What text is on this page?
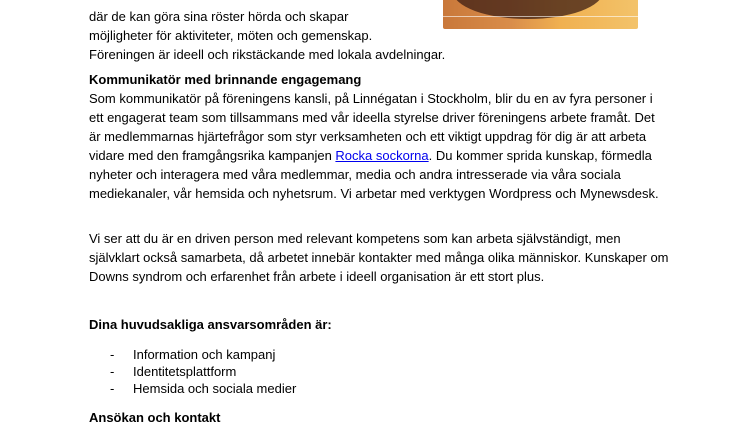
där de kan göra sina röster hörda och skapar
möjligheter för aktiviteter, möten och gemenskap.
Föreningen är ideell och rikstäckande med lokala avdelningar.

Kommunikatör med brinnande engagemang

Som kommunikatör på föreningens kansli, på Linnégatan i Stockholm, blir du en av fyra personer i ett engagerat team som tillsammans med vår ideella styrelse driver föreningens arbete framåt. Det är medlemmarnas hjärtefrågor som styr verksamheten och ett viktigt uppdrag för dig är att arbeta vidare med den framgångsrika kampanjen Rocka sockorna. Du kommer sprida kunskap, förmedla nyheter och interagera med våra medlemmar, media och andra intresserade via våra sociala mediekanaler, vår hemsida och nyhetsrum. Vi arbetar med verktygen Wordpress och Mynewsdesk.

Vi ser att du är en driven person med relevant kompetens som kan arbeta självständigt, men självklart också samarbeta, då arbetet innebär kontakter med många olika människor. Kunskaper om Downs syndrom och erfarenhet från arbete i ideell organisation är ett stort plus.

Dina huvudsakliga ansvarsområden är:

- Information och kampanj
- Identitetsplattform
- Hemsida och sociala medier

Ansökan och kontakt
